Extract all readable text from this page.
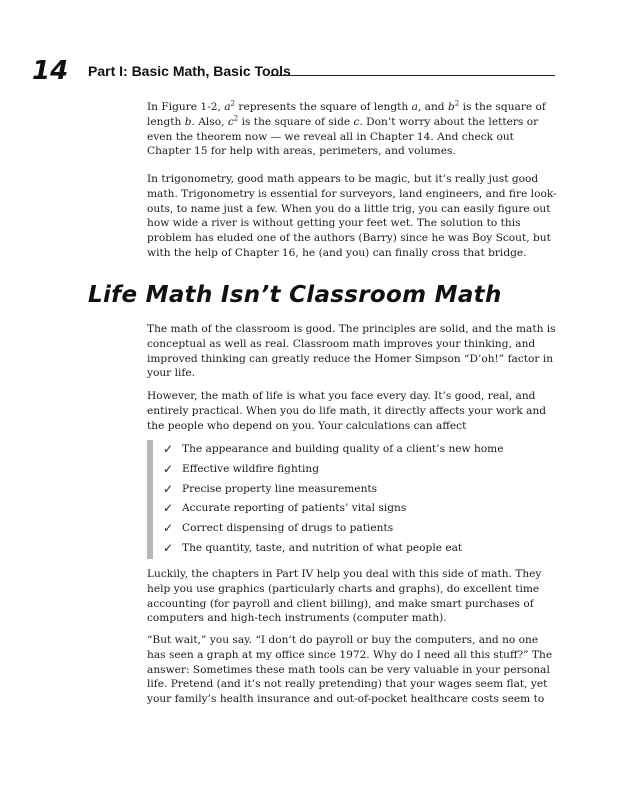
14 Part I: Basic Math, Basic Tools

In Figure 1-2, $a^2$ represents the square of length a, and $b^2$ is the square of length b. Also, $c^2$ is the square of side c. Don’t worry about the letters or even the theorem now — we reveal all in Chapter 14. And check out Chapter 15 for help with areas, perimeters, and volumes.

In trigonometry, good math appears to be magic, but it’s really just good math. Trigonometry is essential for surveyors, land engineers, and fire look-outs, to name just a few. When you do a little trig, you can easily figure out how wide a river is without getting your feet wet. The solution to this problem has eluded one of the authors (Barry) since he was Boy Scout, but with the help of Chapter 16, he (and you) can finally cross that bridge.

Life Math Isn’t Classroom Math

The math of the classroom is good. The principles are solid, and the math is conceptual as well as real. Classroom math improves your thinking, and improved thinking can greatly reduce the Homer Simpson “D’oh!” factor in your life.

However, the math of life is what you face every day. It’s good, real, and entirely practical. When you do life math, it directly affects your work and the people who depend on you. Your calculations can affect

✓ The appearance and building quality of a client’s new home
✓ Effective wildfire fighting
✓ Precise property line measurements
✓ Accurate reporting of patients’ vital signs
✓ Correct dispensing of drugs to patients
✓ The quantity, taste, and nutrition of what people eat

Luckily, the chapters in Part IV help you deal with this side of math. They help you use graphics (particularly charts and graphs), do excellent time accounting (for payroll and client billing), and make smart purchases of computers and high-tech instruments (computer math).

“But wait,” you say. “I don’t do payroll or buy the computers, and no one has seen a graph at my office since 1972. Why do I need all this stuff?” The answer: Sometimes these math tools can be very valuable in your personal life. Pretend (and it’s not really pretending) that your wages seem flat, yet your family’s health insurance and out-of-pocket healthcare costs seem to
